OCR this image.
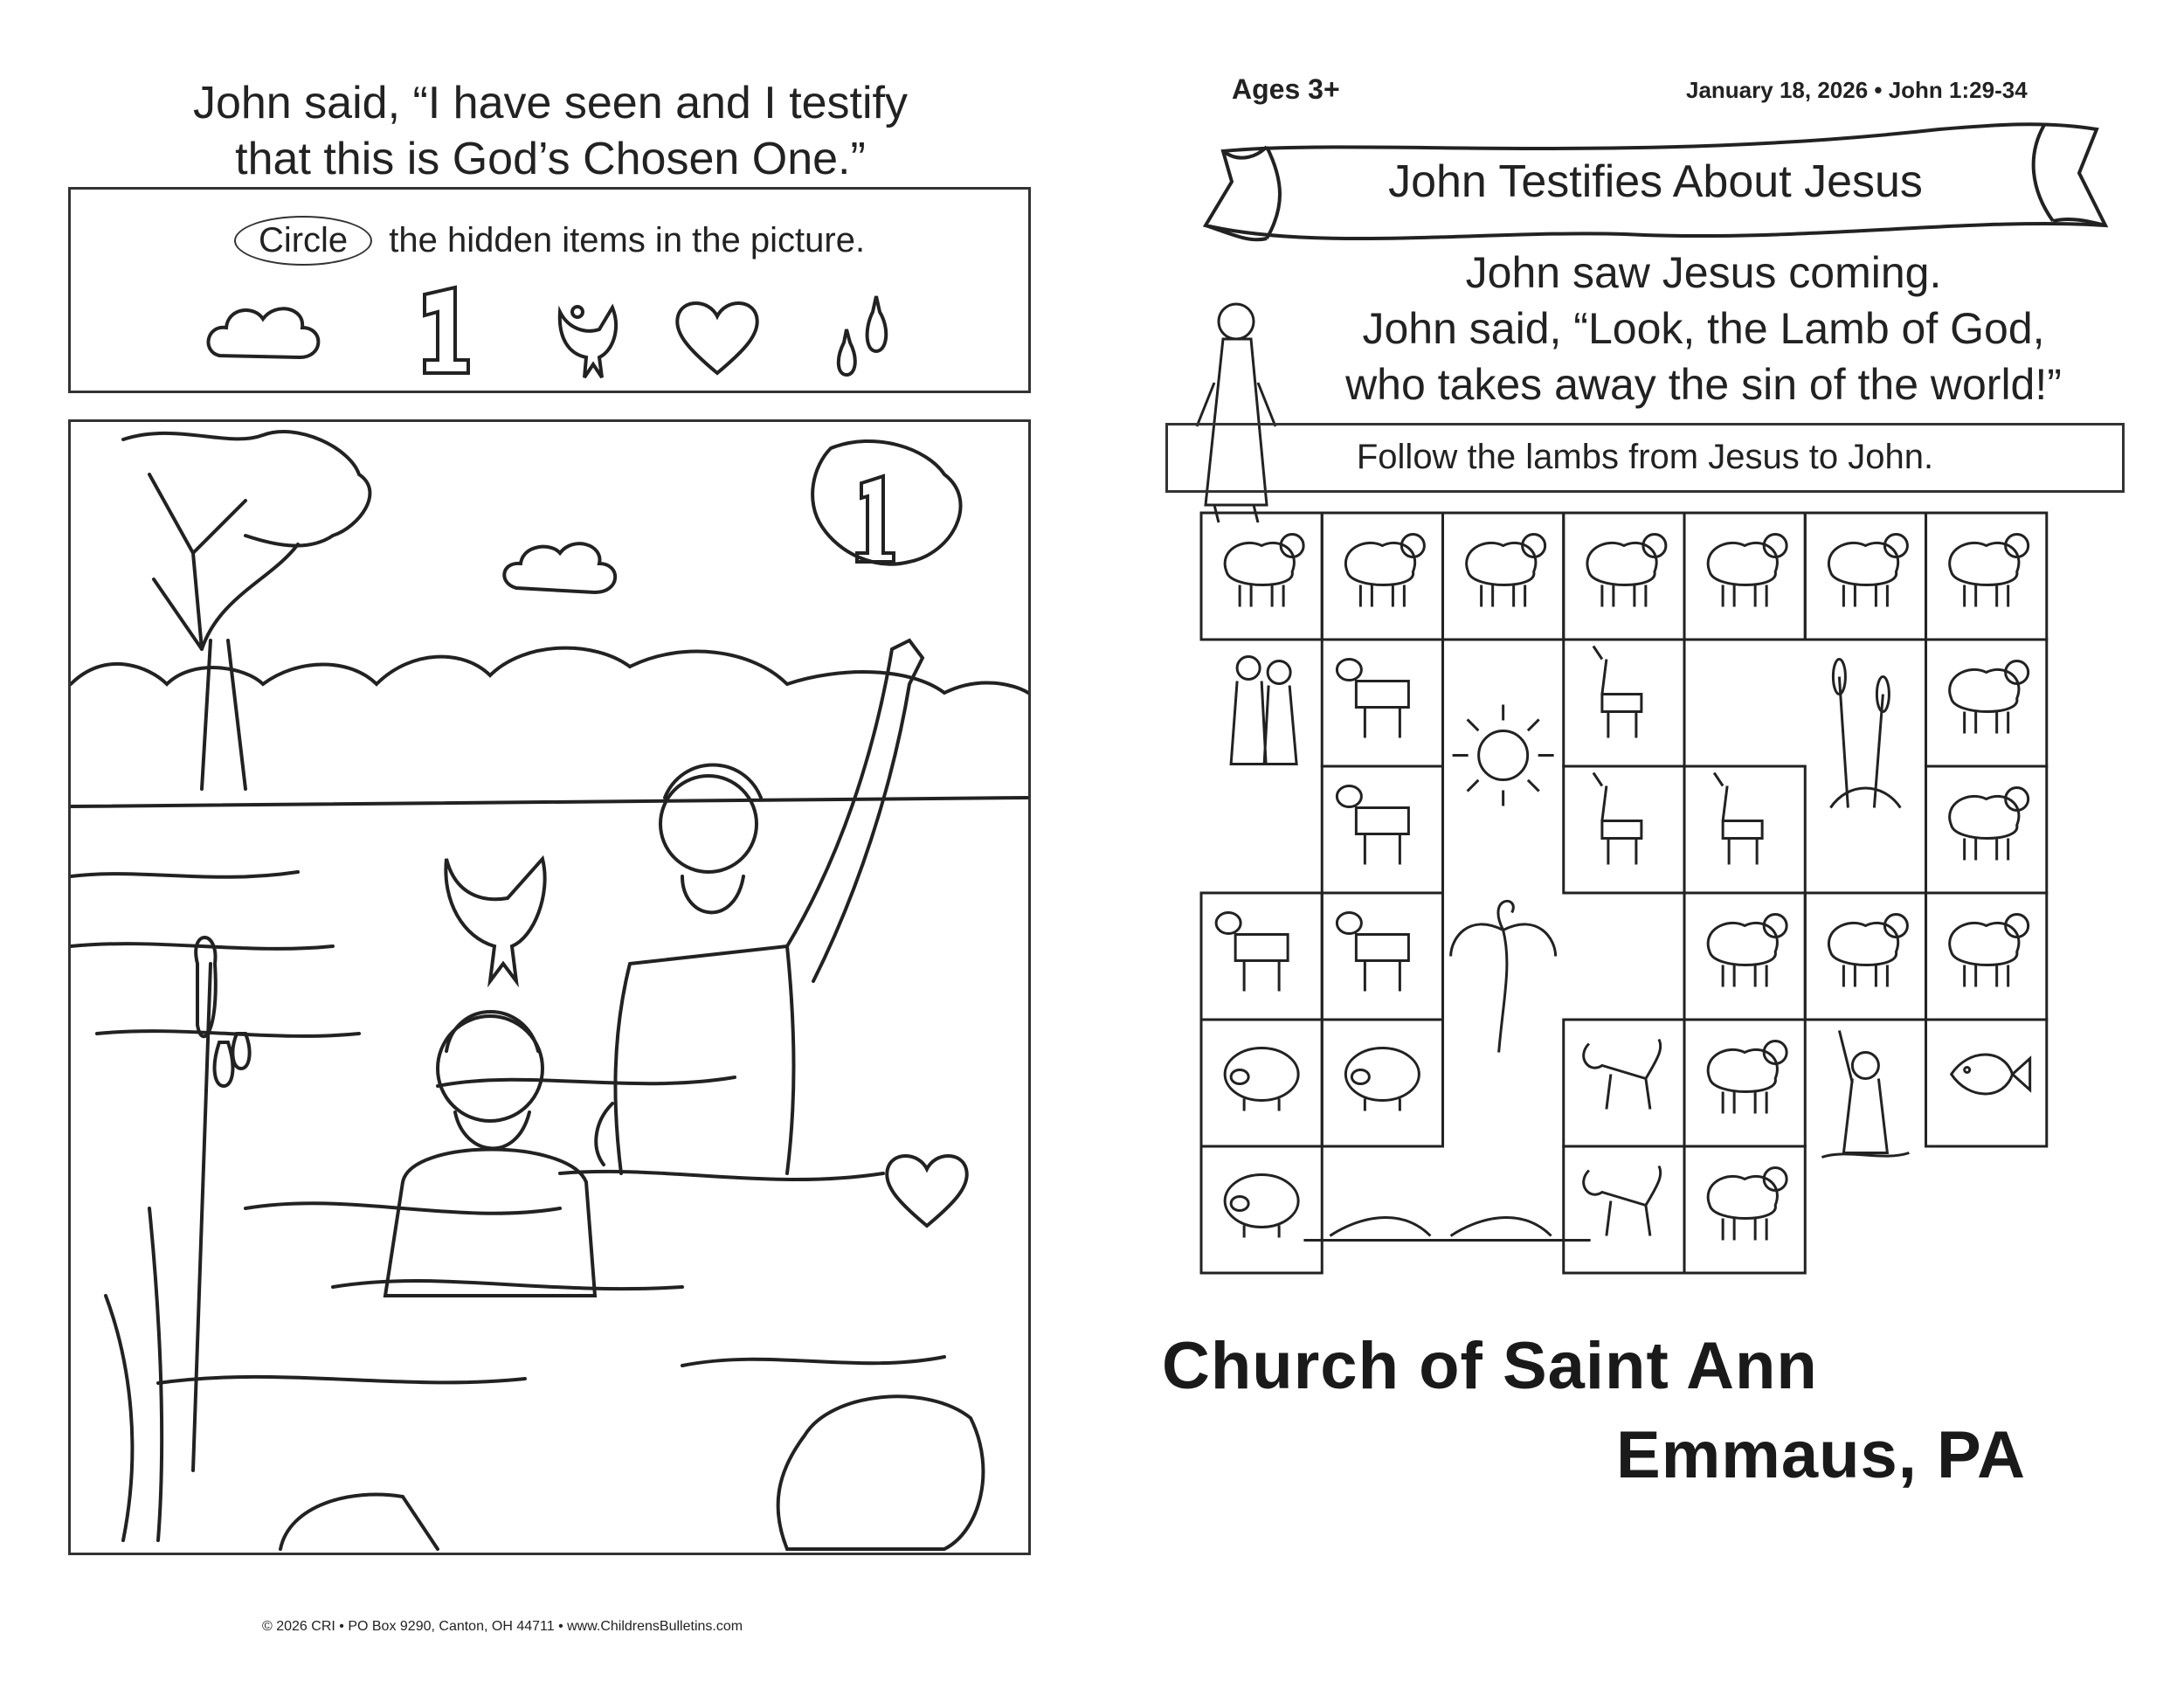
John said, “I have seen and I testify
that this is God’s Chosen One.”
Circle the hidden items in the picture.
© 2026 CRI • PO Box 9290, Canton, OH 44711 • www.ChildrensBulletins.com
Ages 3+	January 18, 2026 • John 1:29-34
John Testifies About Jesus
John saw Jesus coming.
John said, “Look, the Lamb of God,
who takes away the sin of the world!”
Follow the lambs from Jesus to John.
Church of Saint Ann
Emmaus, PA
